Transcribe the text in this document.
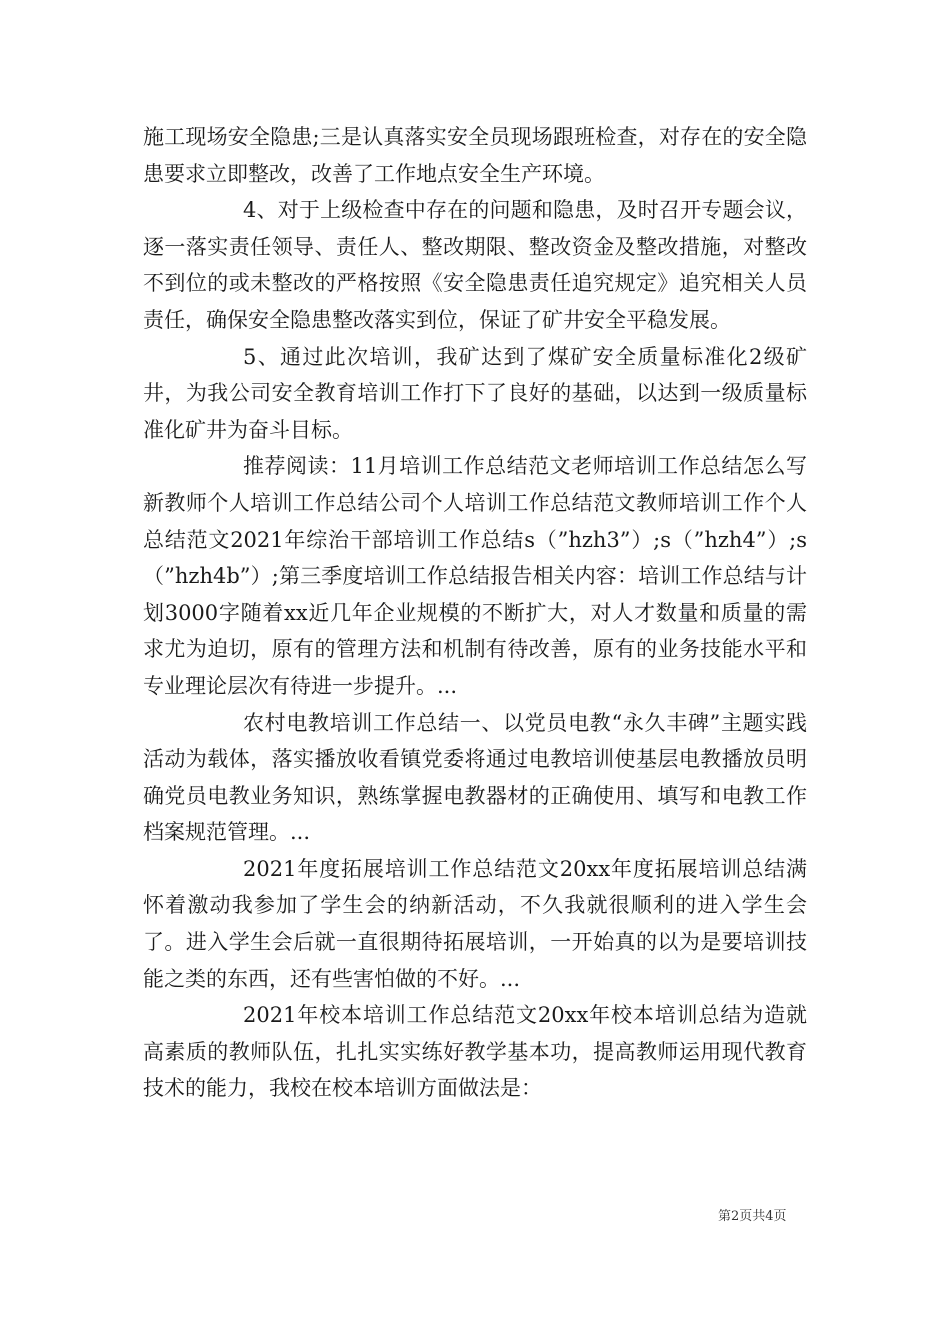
施工现场安全隐患;三是认真落实安全员现场跟班检查，对存在的安全隐患要求立即整改，改善了工作地点安全生产环境。

4、对于上级检查中存在的问题和隐患，及时召开专题会议，逐一落实责任领导、责任人、整改期限、整改资金及整改措施，对整改不到位的或未整改的严格按照《安全隐患责任追究规定》追究相关人员责任，确保安全隐患整改落实到位，保证了矿井安全平稳发展。

5、通过此次培训，我矿达到了煤矿安全质量标准化2级矿井，为我公司安全教育培训工作打下了良好的基础，以达到一级质量标准化矿井为奋斗目标。

推荐阅读：11月培训工作总结范文老师培训工作总结怎么写新教师个人培训工作总结公司个人培训工作总结范文教师培训工作个人总结范文2021年综治干部培训工作总结s（”hzh3”）;s（”hzh4”）;s（”hzh4b”）;第三季度培训工作总结报告相关内容：培训工作总结与计划3000字随着xx近几年企业规模的不断扩大，对人才数量和质量的需求尤为迫切，原有的管理方法和机制有待改善，原有的业务技能水平和专业理论层次有待进一步提升。...

农村电教培训工作总结一、以党员电教“永久丰碑”主题实践活动为载体，落实播放收看镇党委将通过电教培训使基层电教播放员明确党员电教业务知识，熟练掌握电教器材的正确使用、填写和电教工作档案规范管理。...

2021年度拓展培训工作总结范文20xx年度拓展培训总结满怀着激动我参加了学生会的纳新活动，不久我就很顺利的进入学生会了。进入学生会后就一直很期待拓展培训，一开始真的以为是要培训技能之类的东西，还有些害怕做的不好。...

2021年校本培训工作总结范文20xx年校本培训总结为造就高素质的教师队伍，扎扎实实练好教学基本功，提高教师运用现代教育技术的能力，我校在校本培训方面做法是：

第2页共4页
